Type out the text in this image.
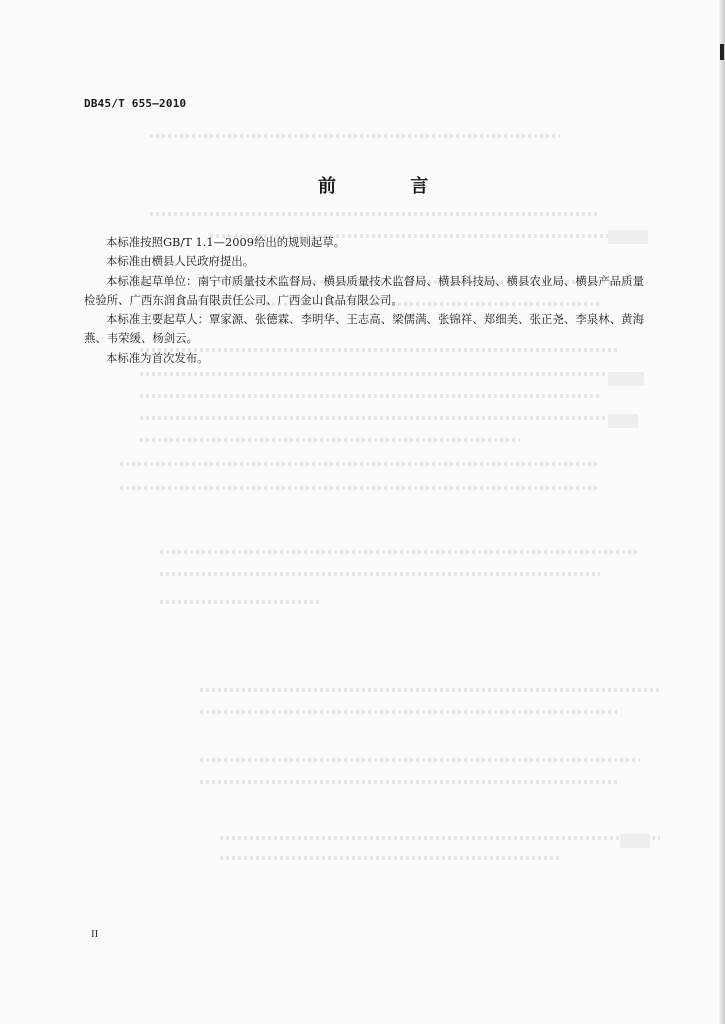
DB45/T 655—2010
前 言

本标准按照GB/T 1.1—2009给出的规则起草。

本标准由横县人民政府提出。

本标准起草单位：南宁市质量技术监督局、横县质量技术监督局、横县科技局、横县农业局、横县产品质量检验所、广西东润食品有限责任公司、广西金山食品有限公司。

本标准主要起草人：覃家源、张德霖、李明华、王志高、梁儒满、张锦祥、郑细美、张正尧、李泉林、黄海燕、韦荣缓、杨剑云。

本标准为首次发布。

II
